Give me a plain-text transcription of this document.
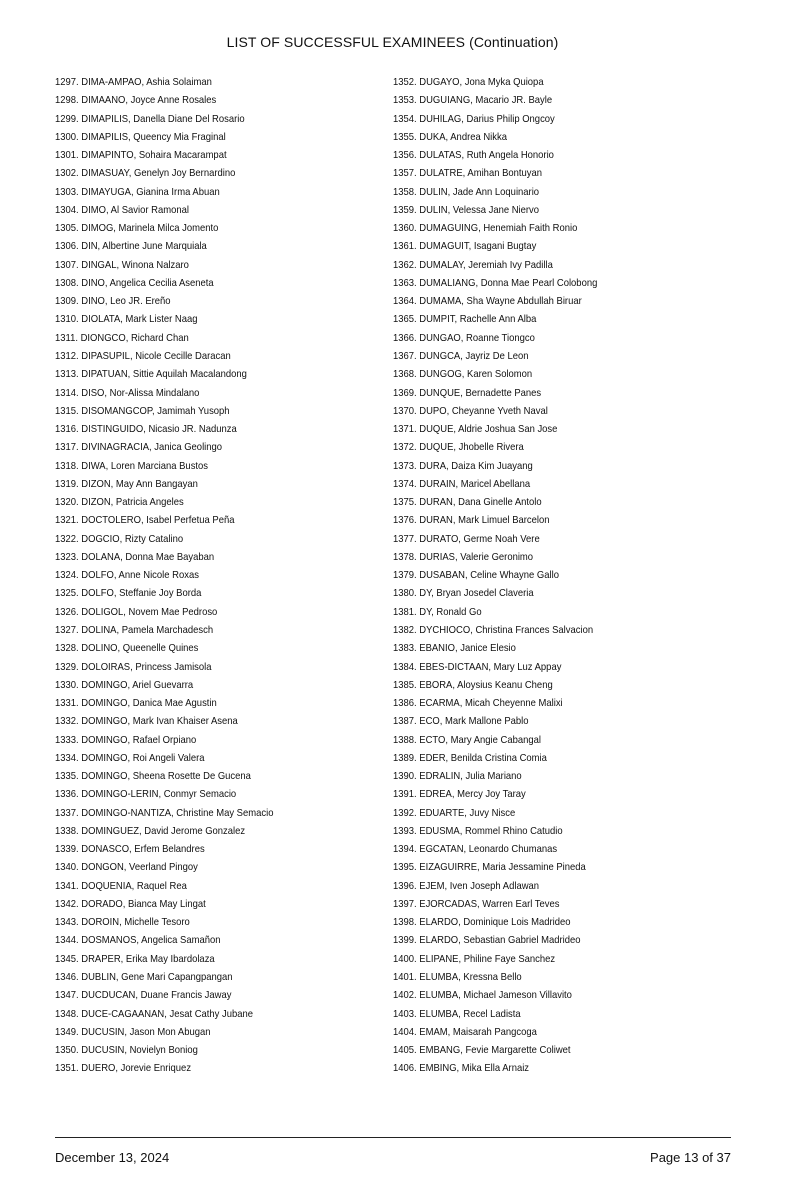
LIST OF SUCCESSFUL EXAMINEES (Continuation)
1297. DIMA-AMPAO, Ashia Solaiman
1298. DIMAANO, Joyce Anne Rosales
1299. DIMAPILIS, Danella Diane Del Rosario
1300. DIMAPILIS, Queency Mia Fraginal
1301. DIMAPINTO, Sohaira Macarampat
1302. DIMASUAY, Genelyn Joy Bernardino
1303. DIMAYUGA, Gianina Irma Abuan
1304. DIMO, Al Savior Ramonal
1305. DIMOG, Marinela Milca Jomento
1306. DIN, Albertine June Marquiala
1307. DINGAL, Winona Nalzaro
1308. DINO, Angelica Cecilia Aseneta
1309. DINO, Leo JR. Ereño
1310. DIOLATA, Mark Lister Naag
1311. DIONGCO, Richard Chan
1312. DIPASUPIL, Nicole Cecille Daracan
1313. DIPATUAN, Sittie Aquilah Macalandong
1314. DISO, Nor-Alissa Mindalano
1315. DISOMANGCOP, Jamimah Yusoph
1316. DISTINGUIDO, Nicasio JR. Nadunza
1317. DIVINAGRACIA, Janica Geolingo
1318. DIWA, Loren Marciana Bustos
1319. DIZON, May Ann Bangayan
1320. DIZON, Patricia Angeles
1321. DOCTOLERO, Isabel Perfetua Peña
1322. DOGCIO, Rizty Catalino
1323. DOLANA, Donna Mae Bayaban
1324. DOLFO, Anne Nicole Roxas
1325. DOLFO, Steffanie Joy Borda
1326. DOLIGOL, Novem Mae Pedroso
1327. DOLINA, Pamela Marchadesch
1328. DOLINO, Queenelle Quines
1329. DOLOIRAS, Princess Jamisola
1330. DOMINGO, Ariel Guevarra
1331. DOMINGO, Danica Mae Agustin
1332. DOMINGO, Mark Ivan Khaiser Asena
1333. DOMINGO, Rafael Orpiano
1334. DOMINGO, Roi Angeli Valera
1335. DOMINGO, Sheena Rosette De Gucena
1336. DOMINGO-LERIN, Conmyr Semacio
1337. DOMINGO-NANTIZA, Christine May Semacio
1338. DOMINGUEZ, David Jerome Gonzalez
1339. DONASCO, Erfem Belandres
1340. DONGON, Veerland Pingoy
1341. DOQUENIA, Raquel Rea
1342. DORADO, Bianca May Lingat
1343. DOROIN, Michelle Tesoro
1344. DOSMANOS, Angelica Samañon
1345. DRAPER, Erika May Ibardolaza
1346. DUBLIN, Gene Mari Capangpangan
1347. DUCDUCAN, Duane Francis Jaway
1348. DUCE-CAGAANAN, Jesat Cathy Jubane
1349. DUCUSIN, Jason Mon Abugan
1350. DUCUSIN, Novielyn Boniog
1351. DUERO, Jorevie Enriquez
1352. DUGAYO, Jona Myka Quiopa
1353. DUGUIANG, Macario JR. Bayle
1354. DUHILAG, Darius Philip Ongcoy
1355. DUKA, Andrea Nikka
1356. DULATAS, Ruth Angela Honorio
1357. DULATRE, Amihan Bontuyan
1358. DULIN, Jade Ann Loquinario
1359. DULIN, Velessa Jane Niervo
1360. DUMAGUING, Henemiah Faith Ronio
1361. DUMAGUIT, Isagani Bugtay
1362. DUMALAY, Jeremiah Ivy Padilla
1363. DUMALIANG, Donna Mae Pearl Colobong
1364. DUMAMA, Sha Wayne Abdullah Biruar
1365. DUMPIT, Rachelle Ann Alba
1366. DUNGAO, Roanne Tiongco
1367. DUNGCA, Jayriz De Leon
1368. DUNGOG, Karen Solomon
1369. DUNQUE, Bernadette Panes
1370. DUPO, Cheyanne Yveth Naval
1371. DUQUE, Aldrie Joshua San Jose
1372. DUQUE, Jhobelle Rivera
1373. DURA, Daiza Kim Juayang
1374. DURAIN, Maricel Abellana
1375. DURAN, Dana Ginelle Antolo
1376. DURAN, Mark Limuel Barcelon
1377. DURATO, Germe Noah Vere
1378. DURIAS, Valerie Geronimo
1379. DUSABAN, Celine Whayne Gallo
1380. DY, Bryan Josedel Claveria
1381. DY, Ronald Go
1382. DYCHIOCO, Christina Frances Salvacion
1383. EBANIO, Janice Elesio
1384. EBES-DICTAAN, Mary Luz Appay
1385. EBORA, Aloysius Keanu Cheng
1386. ECARMA, Micah Cheyenne Malixi
1387. ECO, Mark Mallone Pablo
1388. ECTO, Mary Angie Cabangal
1389. EDER, Benilda Cristina Comia
1390. EDRALIN, Julia Mariano
1391. EDREA, Mercy Joy Taray
1392. EDUARTE, Juvy Nisce
1393. EDUSMA, Rommel Rhino Catudio
1394. EGCATAN, Leonardo Chumanas
1395. EIZAGUIRRE, Maria Jessamine Pineda
1396. EJEM, Iven Joseph Adlawan
1397. EJORCADAS, Warren Earl Teves
1398. ELARDO, Dominique Lois Madrideo
1399. ELARDO, Sebastian Gabriel Madrideo
1400. ELIPANE, Philine Faye Sanchez
1401. ELUMBA, Kressna Bello
1402. ELUMBA, Michael Jameson Villavito
1403. ELUMBA, Recel Ladista
1404. EMAM, Maisarah Pangcoga
1405. EMBANG, Fevie Margarette Coliwet
1406. EMBING, Mika Ella Arnaiz
December 13, 2024	Page 13 of 37
